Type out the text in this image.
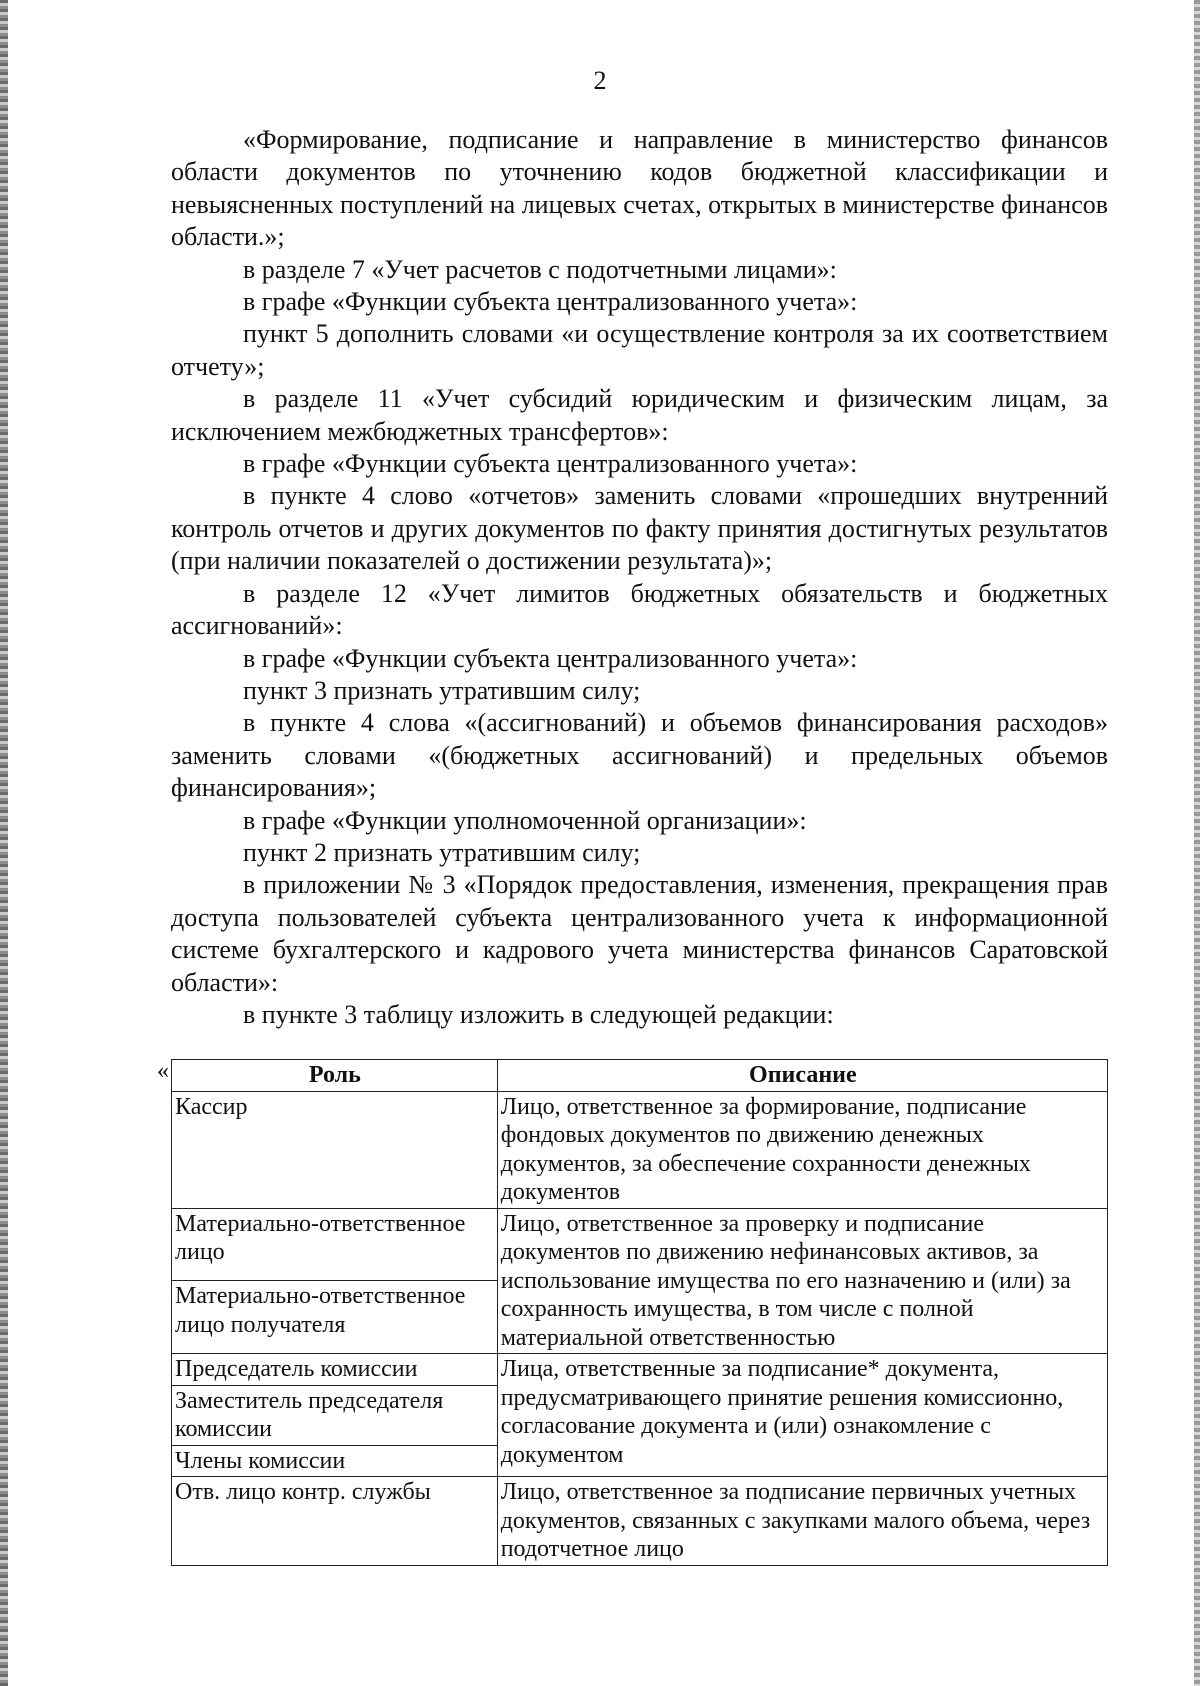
2

«Формирование, подписание и направление в министерство финансов области документов по уточнению кодов бюджетной классификации и невыясненных поступлений на лицевых счетах, открытых в министерстве финансов области.»;

в разделе 7 «Учет расчетов с подотчетными лицами»:

в графе «Функции субъекта централизованного учета»:

пункт 5 дополнить словами «и осуществление контроля за их соответствием отчету»;

в разделе 11 «Учет субсидий юридическим и физическим лицам, за исключением межбюджетных трансфертов»:

в графе «Функции субъекта централизованного учета»:

в пункте 4 слово «отчетов» заменить словами «прошедших внутренний контроль отчетов и других документов по факту принятия достигнутых результатов (при наличии показателей о достижении результата)»;

в разделе 12 «Учет лимитов бюджетных обязательств и бюджетных ассигнований»:

в графе «Функции субъекта централизованного учета»:

пункт 3 признать утратившим силу;

в пункте 4 слова «(ассигнований) и объемов финансирования расходов» заменить словами «(бюджетных ассигнований) и предельных объемов финансирования»;

в графе «Функции уполномоченной организации»:

пункт 2 признать утратившим силу;

в приложении № 3 «Порядок предоставления, изменения, прекращения прав доступа пользователей субъекта централизованного учета к информационной системе бухгалтерского и кадрового учета министерства финансов Саратовской области»:

в пункте 3 таблицу изложить в следующей редакции:

«	Роль	Описание
Кассир	Лицо, ответственное за формирование, подписание фондовых документов по движению денежных документов, за обеспечение сохранности денежных документов
Материально-ответственное лицо	Лицо, ответственное за проверку и подписание документов по движению нефинансовых активов, за использование имущества по его назначению и (или) за сохранность имущества, в том числе с полной материальной ответственностью
Материально-ответственное лицо получателя	
Председатель комиссии	Лица, ответственные за подписание* документа, предусматривающего принятие решения комиссионно, согласование документа и (или) ознакомление с документом
Заместитель председателя комиссии	
Члены комиссии	
Отв. лицо контр. службы	Лицо, ответственное за подписание первичных учетных документов, связанных с закупками малого объема, через подотчетное лицо
